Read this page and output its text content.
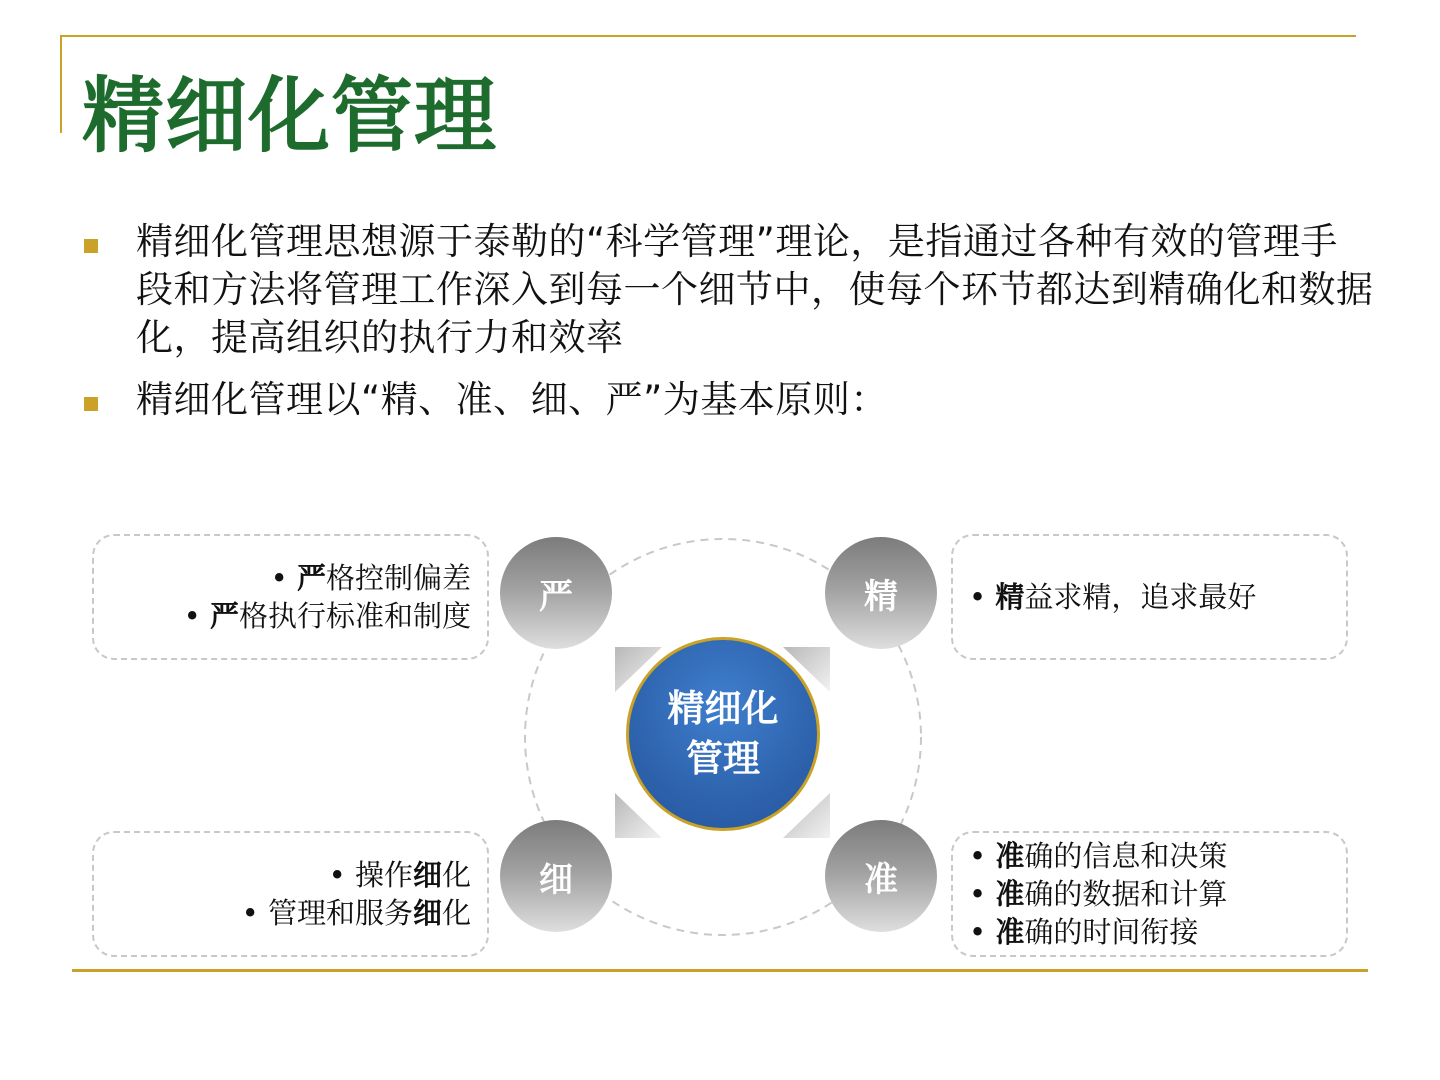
精细化管理
精细化管理思想源于泰勒的“科学管理”理论，是指通过各种有效的管理手段和方法将管理工作深入到每一个细节中，使每个环节都达到精确化和数据化，提高组织的执行力和效率
精细化管理以“精、准、细、严”为基本原则：
• 严格控制偏差
• 严格执行标准和制度
• 精益求精，追求最好
• 操作细化
• 管理和服务细化
• 准确的信息和决策
• 准确的数据和计算
• 准确的时间衔接
严	精
细	准
精细化
管理
